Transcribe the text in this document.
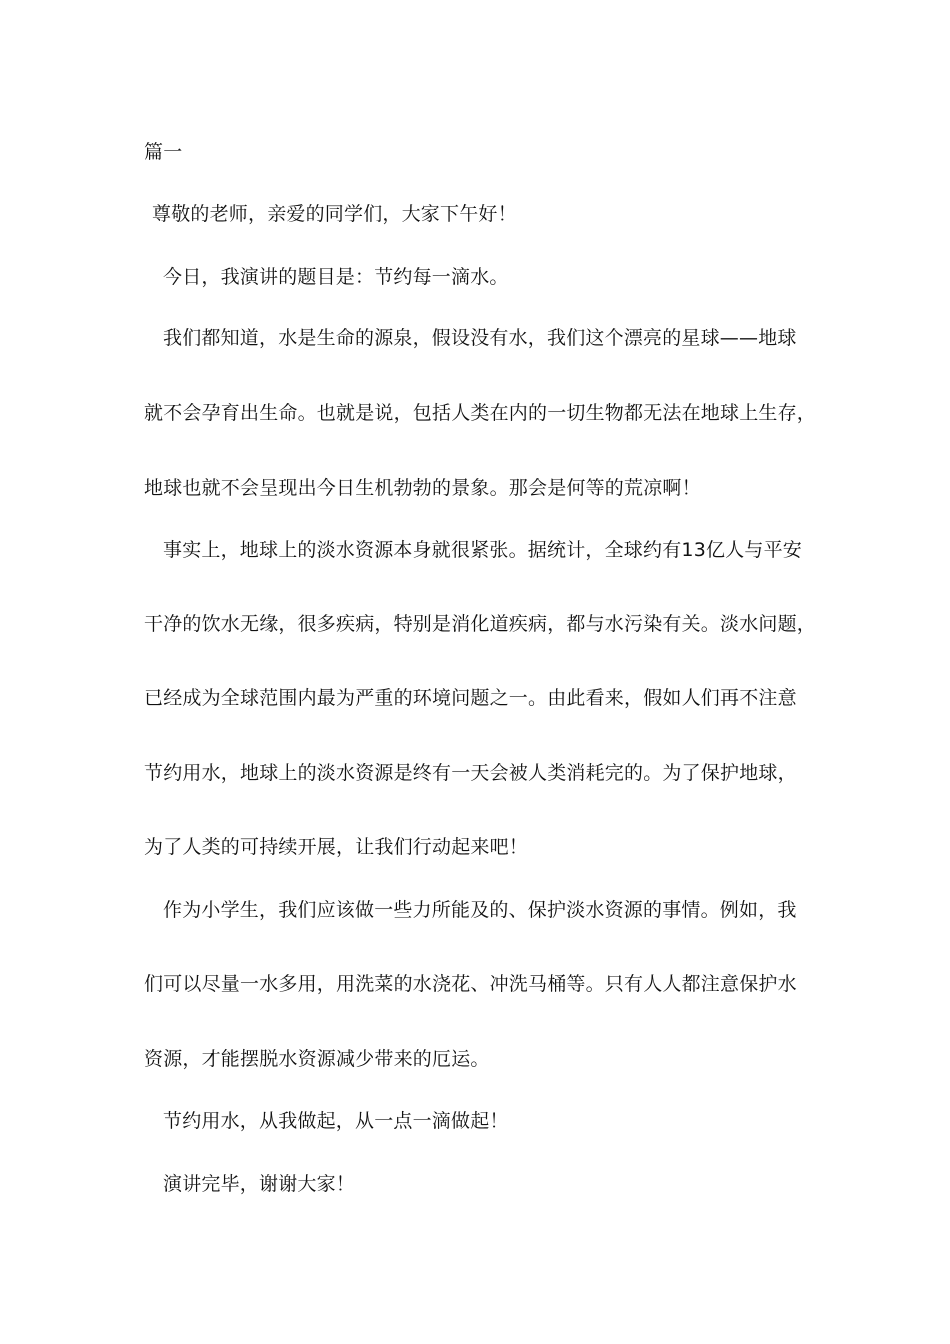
篇一
尊敬的老师，亲爱的同学们，大家下午好！
今日，我演讲的题目是：节约每一滴水。
我们都知道，水是生命的源泉，假设没有水，我们这个漂亮的星球——地球
就不会孕育出生命。也就是说，包括人类在内的一切生物都无法在地球上生存，
地球也就不会呈现出今日生机勃勃的景象。那会是何等的荒凉啊！
事实上，地球上的淡水资源本身就很紧张。据统计，全球约有13亿人与平安
干净的饮水无缘，很多疾病，特别是消化道疾病，都与水污染有关。淡水问题，
已经成为全球范围内最为严重的环境问题之一。由此看来，假如人们再不注意
节约用水，地球上的淡水资源是终有一天会被人类消耗完的。为了保护地球，
为了人类的可持续开展，让我们行动起来吧！
作为小学生，我们应该做一些力所能及的、保护淡水资源的事情。例如，我
们可以尽量一水多用，用洗菜的水浇花、冲洗马桶等。只有人人都注意保护水
资源，才能摆脱水资源减少带来的厄运。
节约用水，从我做起，从一点一滴做起！
演讲完毕，谢谢大家！
